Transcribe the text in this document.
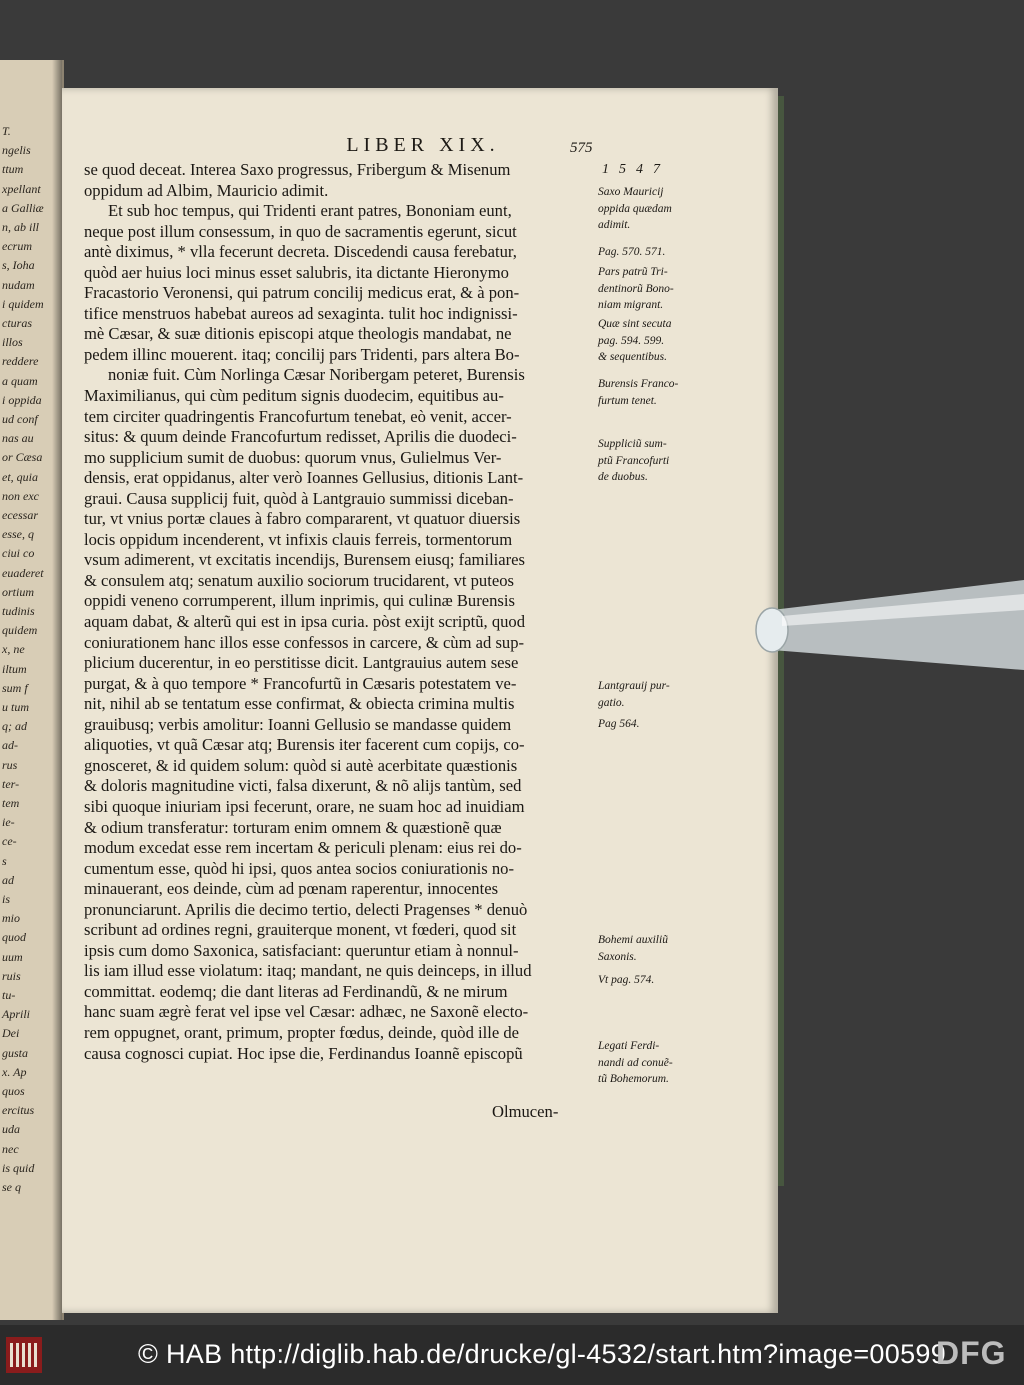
T.
ngelis
ttum
xpellant
a Galliæ
n, ab ill
ecrum
s, Ioha
nudam
i quidem
cturas
illos
reddere
a quam
i oppida
ud conf
nas au
or Cæsa
et, quia
non exc
ecessar
esse, q
ciui co
euaderet
ortium
tudinis
quidem
x, ne
iltum
sum f
u tum
q; ad
ad-
rus
ter-
tem
ie-
ce-
s
ad
is
mio
quod
uum
ruis
tu-
Aprili
Dei
gusta
x. Ap
quos
ercitus
uda
nec
is quid
se q
LIBER XIX.	575
1547
se quod deceat. Interea Saxo progressus, Fribergum & Misenum
oppidum ad Albim, Mauricio adimit.
Et sub hoc tempus, qui Tridenti erant patres, Bononiam eunt,
neque post illum consessum, in quo de sacramentis egerunt, sicut
antè diximus, * vlla fecerunt decreta. Discedendi causa ferebatur,
quòd aer huius loci minus esset salubris, ita dictante Hieronymo
Fracastorio Veronensi, qui patrum concilij medicus erat, & à pon-
tifice menstruos habebat aureos ad sexaginta. tulit hoc indignissi-
mè Cæsar, & suæ ditionis episcopi atque theologis mandabat, ne
pedem illinc mouerent. itaq; concilij pars Tridenti, pars altera Bo-
noniæ fuit. Cùm Norlinga Cæsar Noribergam peteret, Burensis
Maximilianus, qui cùm peditum signis duodecim, equitibus au-
tem circiter quadringentis Francofurtum tenebat, eò venit, accer-
situs: & quum deinde Francofurtum redisset, Aprilis die duodeci-
mo supplicium sumit de duobus: quorum vnus, Gulielmus Ver-
densis, erat oppidanus, alter verò Ioannes Gellusius, ditionis Lant-
graui. Causa supplicij fuit, quòd à Lantgrauio summissi diceban-
tur, vt vnius portæ claues à fabro compararent, vt quatuor diuersis
locis oppidum incenderent, vt infixis clauis ferreis, tormentorum
vsum adimerent, vt excitatis incendijs, Burensem eiusq; familiares
& consulem atq; senatum auxilio sociorum trucidarent, vt puteos
oppidi veneno corrumperent, illum inprimis, qui culinæ Burensis
aquam dabat, & alterũ qui est in ipsa curia. pòst exijt scriptũ, quod
coniurationem hanc illos esse confessos in carcere, & cùm ad sup-
plicium ducerentur, in eo perstitisse dicit. Lantgrauius autem sese
purgat, & à quo tempore * Francofurtũ in Cæsaris potestatem ve-
nit, nihil ab se tentatum esse confirmat, & obiecta crimina multis
grauibusq; verbis amolitur: Ioanni Gellusio se mandasse quidem
aliquoties, vt quã Cæsar atq; Burensis iter facerent cum copijs, co-
gnosceret, & id quidem solum: quòd si autè acerbitate quæstionis
& doloris magnitudine victi, falsa dixerunt, & nõ alijs tantùm, sed
sibi quoque iniuriam ipsi fecerunt, orare, ne suam hoc ad inuidiam
& odium transferatur: torturam enim omnem & quæstionẽ quæ
modum excedat esse rem incertam & periculi plenam: eius rei do-
cumentum esse, quòd hi ipsi, quos antea socios coniurationis no-
minauerant, eos deinde, cùm ad pœnam raperentur, innocentes
pronunciarunt. Aprilis die decimo tertio, delecti Pragenses * denuò
scribunt ad ordines regni, grauiterque monent, vt fœderi, quod sit
ipsis cum domo Saxonica, satisfaciant: queruntur etiam à nonnul-
lis iam illud esse violatum: itaq; mandant, ne quis deinceps, in illud
committat. eodemq; die dant literas ad Ferdinandũ, & ne mirum
hanc suam ægrè ferat vel ipse vel Cæsar: adhæc, ne Saxonẽ electo-
rem oppugnet, orant, primum, propter fœdus, deinde, quòd ille de
causa cognosci cupiat. Hoc ipse die, Ferdinandus Ioannẽ episcopũ
Saxo Mauricij
oppida quædam
adimit.
Pag. 570. 571.
Pars patrũ Tri-
dentinorũ Bono-
niam migrant.
Quæ sint secuta
pag. 594. 599.
& sequentibus.
Burensis Franco-
furtum tenet.
Suppliciũ sum-
ptũ Francofurti
de duobus.
Lantgrauij pur-
gatio.
Pag 564.
Bohemi auxiliũ
Saxonis.
Vt pag. 574.
Legati Ferdi-
nandi ad conuẽ-
tũ Bohemorum.
Olmucen-
© HAB http://diglib.hab.de/drucke/gl-4532/start.htm?image=00599
DFG
